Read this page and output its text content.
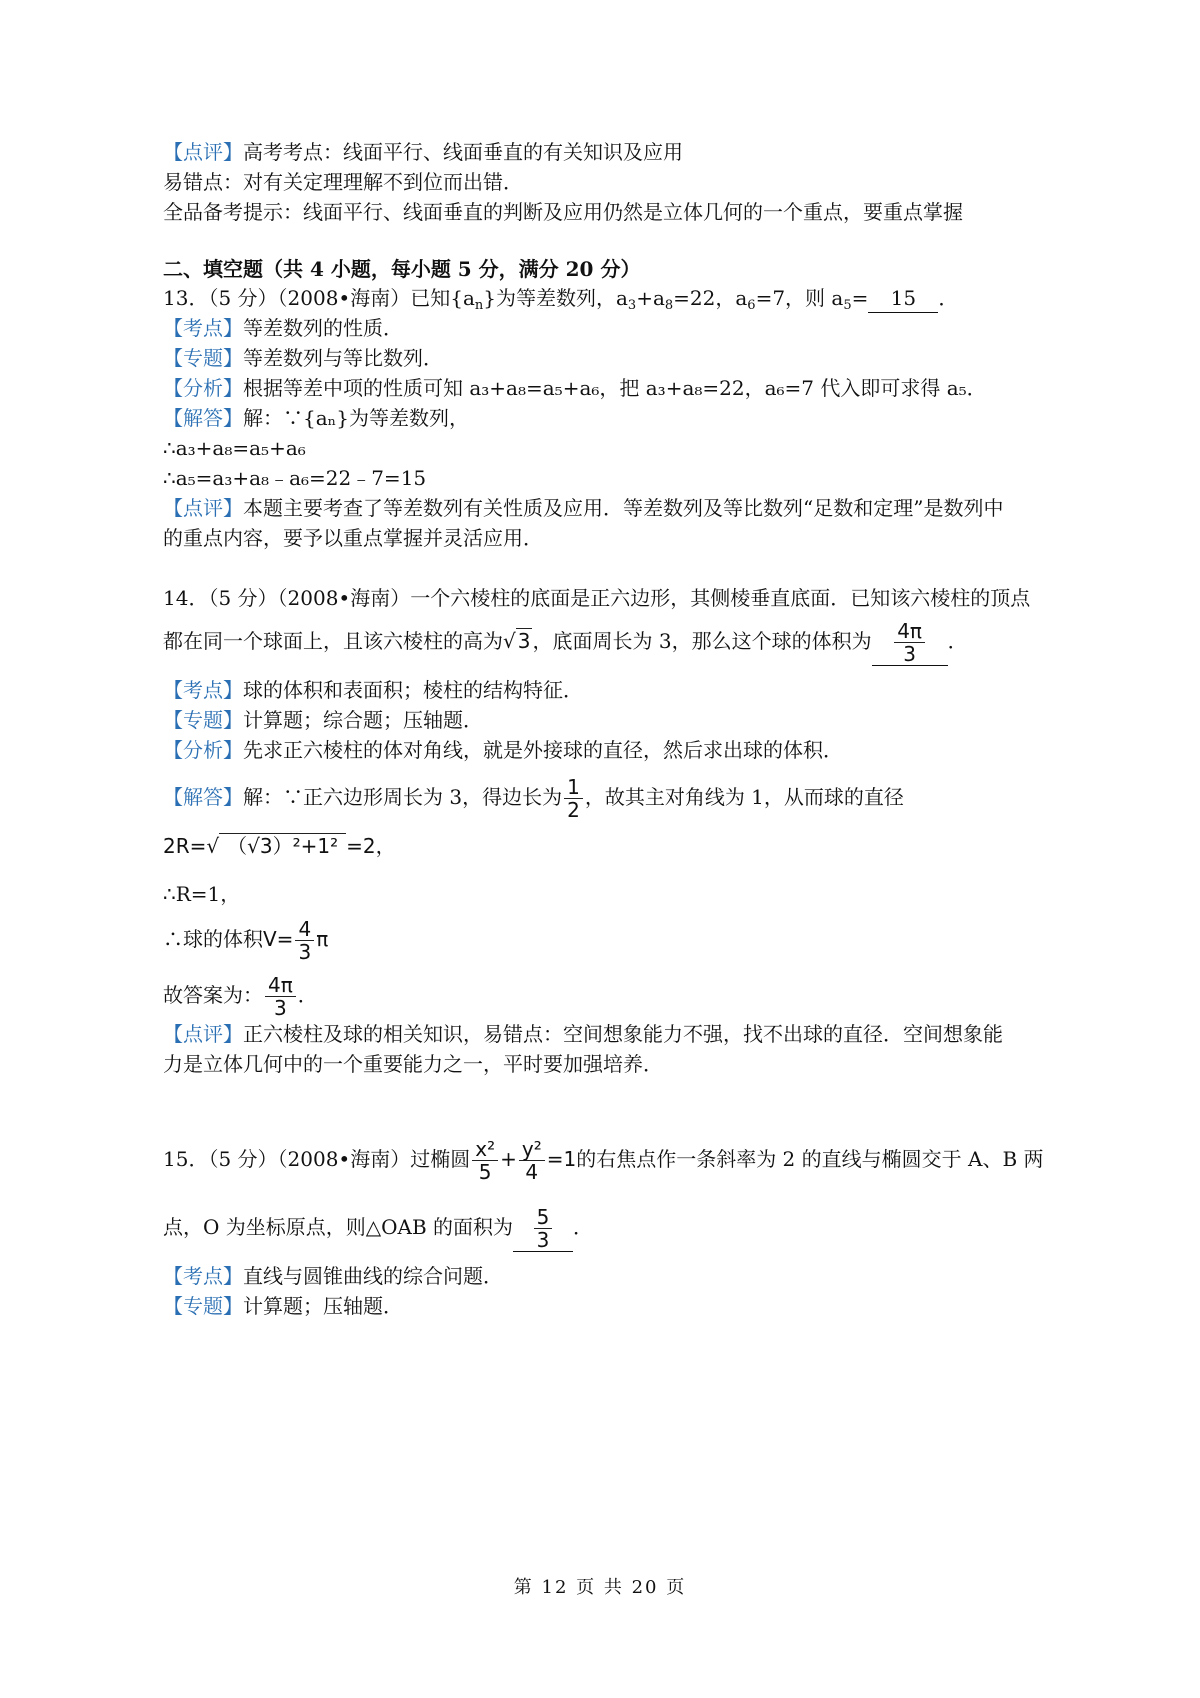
【点评】高考考点：线面平行、线面垂直的有关知识及应用
易错点：对有关定理理解不到位而出错．
全品备考提示：线面平行、线面垂直的判断及应用仍然是立体几何的一个重点，要重点掌握
二、填空题（共 4 小题，每小题 5 分，满分 20 分）
13．（5 分）（2008•海南）已知$\{a_n\}$为等差数列，$a_3+a_8=22$，$a_6=7$，则 $a_5= 15$ ．
【考点】等差数列的性质．
【专题】等差数列与等比数列．
【分析】根据等差中项的性质可知 a₃+a₈=a₅+a₆，把 a₃+a₈=22，a₆=7 代入即可求得 a₅．
【解答】解：∵{aₙ}为等差数列，
∴a₃+a₈=a₅+a₆
∴a₅=a₃+a₈﹣a₆=22﹣7=15
【点评】本题主要考查了等差数列有关性质及应用．等差数列及等比数列“足数和定理”是数列中
的重点内容，要予以重点掌握并灵活应用．
14．（5 分）（2008•海南）一个六棱柱的底面是正六边形，其侧棱垂直底面．已知该六棱柱的顶点
都在同一个球面上，且该六棱柱的高为√ 3 ，底面周长为 3，那么这个球的体积为 $\frac{4\pi}{3}$ ．
【考点】球的体积和表面积；棱柱的结构特征．
【专题】计算题；综合题；压轴题．
【分析】先求正六棱柱的体对角线，就是外接球的直径，然后求出球的体积．
【解答】解：∵正六边形周长为 3，得边长为 $\frac{1}{2}$ ，故其主对角线为 1，从而球的直径
2R=√ （√3）²+1² =2，
∴R=1，
∴球的体积$V= \frac{4}{3}$ π
故答案为： $\frac{4\pi}{3}$ ．
【点评】正六棱柱及球的相关知识，易错点：空间想象能力不强，找不出球的直径．空间想象能
力是立体几何中的一个重要能力之一，平时要加强培养．
15．（5 分）（2008•海南）过椭圆 $\frac{\text{x²}}{5} + \frac{\text{y²}}{4} =1$的右焦点作一条斜率为 2 的直线与椭圆交于 A、B 两
点，O 为坐标原点，则△OAB 的面积为 $\frac{5}{3}$ ．
【考点】直线与圆锥曲线的综合问题．
【专题】计算题；压轴题．
第 12 页 共 20 页
